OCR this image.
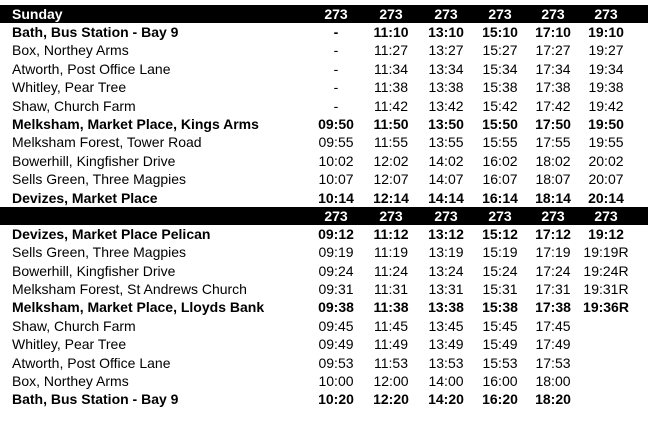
Sunday	273 273 273 273 273 273
Bath, Bus Station - Bay 9	-	11:10 13:10 15:10 17:10 19:10
Box, Northey Arms	-	11:27 13:27 15:27 17:27 19:27
Atworth, Post Office Lane	-	11:34 13:34 15:34 17:34 19:34
Whitley, Pear Tree	-	11:38 13:38 15:38 17:38 19:38
Shaw, Church Farm	-	11:42 13:42 15:42 17:42 19:42
Melksham, Market Place, Kings Arms	09:50 11:50 13:50 15:50 17:50 19:50
Melksham Forest, Tower Road	09:55 11:55 13:55 15:55 17:55 19:55
Bowerhill, Kingfisher Drive	10:02 12:02 14:02 16:02 18:02 20:02
Sells Green, Three Magpies	10:07 12:07 14:07 16:07 18:07 20:07
Devizes, Market Place	10:14 12:14 14:14 16:14 18:14 20:14
273 273 273 273 273 273
Devizes, Market Place Pelican	09:12 11:12 13:12 15:12 17:12 19:12
Sells Green, Three Magpies	09:19 11:19 13:19 15:19 17:19 19:19R
Bowerhill, Kingfisher Drive	09:24 11:24 13:24 15:24 17:24 19:24R
Melksham Forest, St Andrews Church	09:31 11:31 13:31 15:31 17:31 19:31R
Melksham, Market Place, Lloyds Bank	09:38 11:38 13:38 15:38 17:38 19:36R
Shaw, Church Farm	09:45 11:45 13:45 15:45 17:45
Whitley, Pear Tree	09:49 11:49 13:49 15:49 17:49
Atworth, Post Office Lane	09:53 11:53 13:53 15:53 17:53
Box, Northey Arms	10:00 12:00 14:00 16:00 18:00
Bath, Bus Station - Bay 9	10:20 12:20 14:20 16:20 18:20
